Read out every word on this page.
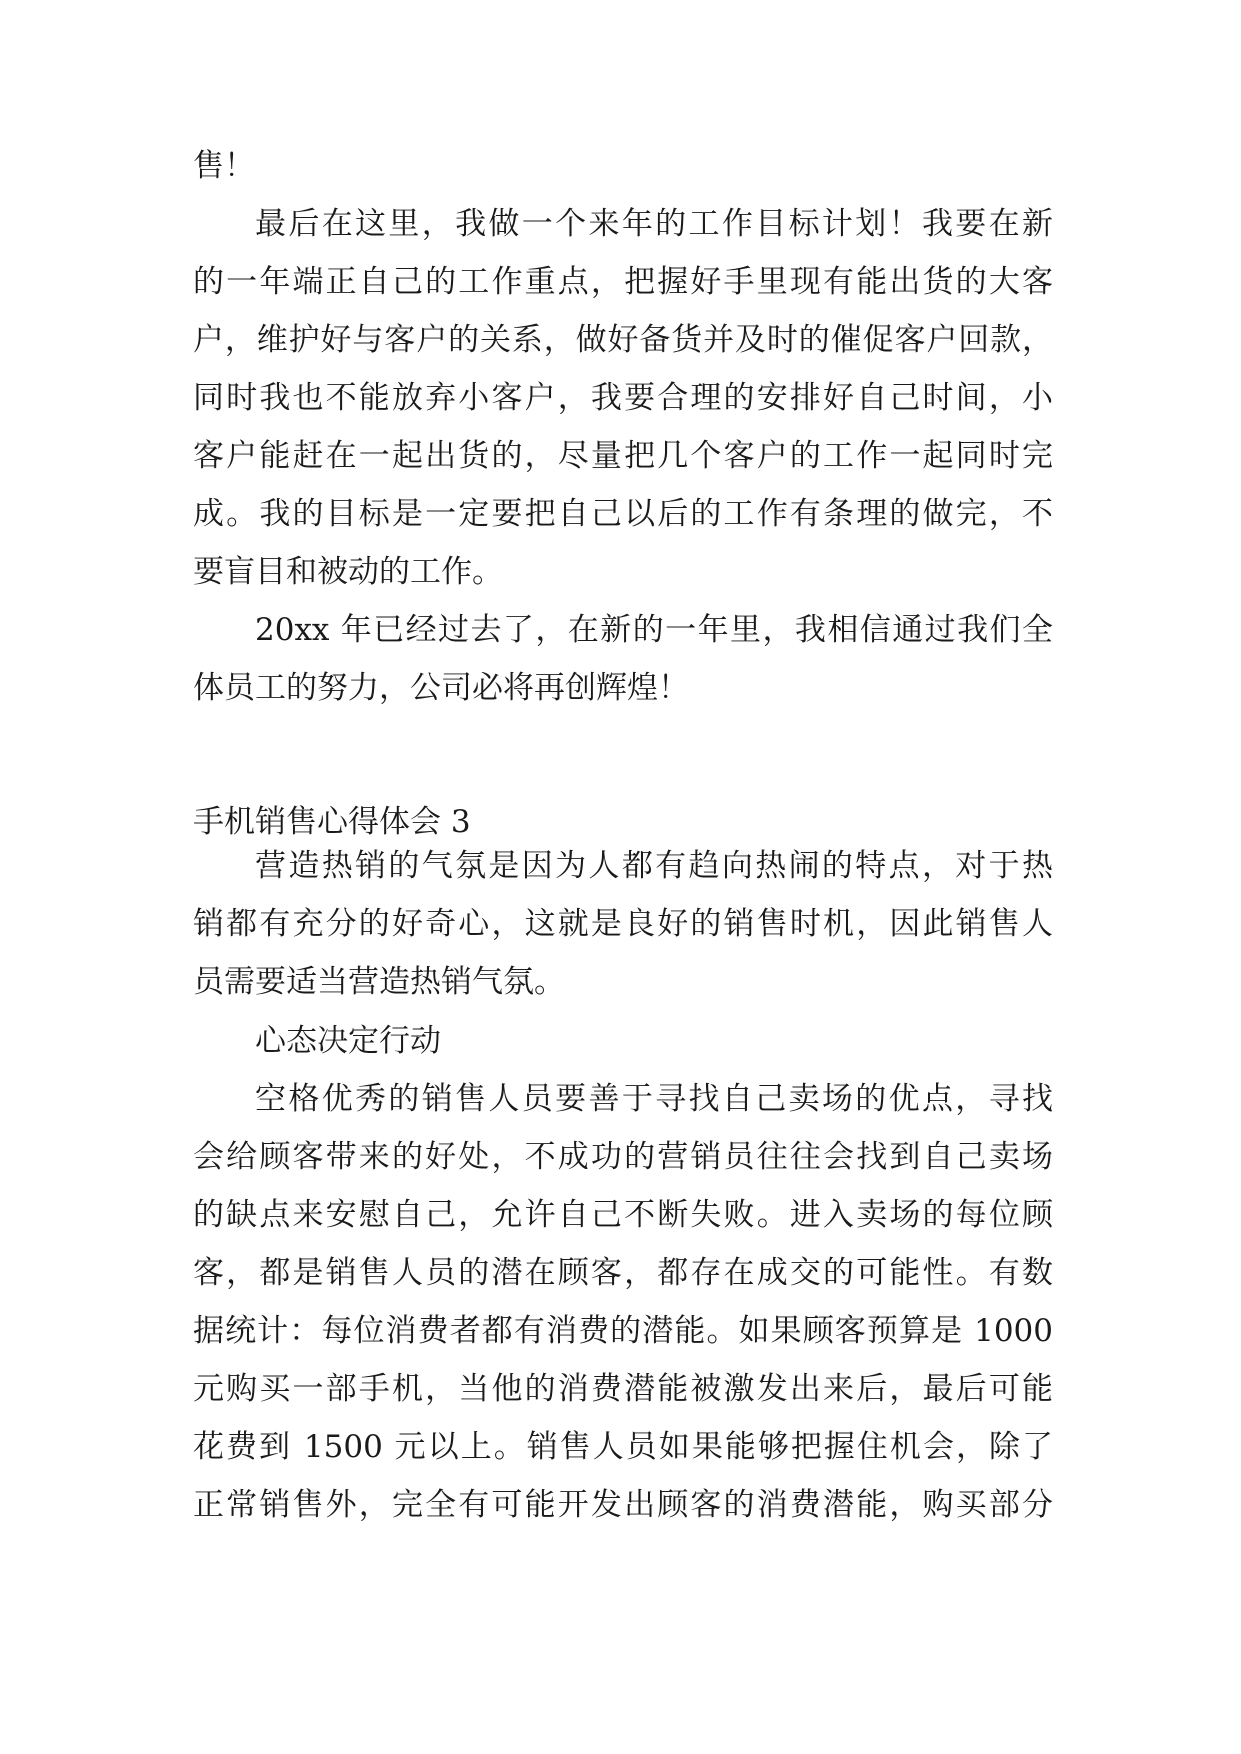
售！
最后在这里，我做一个来年的工作目标计划！我要在新
的一年端正自己的工作重点，把握好手里现有能出货的大客
户，维护好与客户的关系，做好备货并及时的催促客户回款，
同时我也不能放弃小客户，我要合理的安排好自己时间，小
客户能赶在一起出货的，尽量把几个客户的工作一起同时完
成。我的目标是一定要把自己以后的工作有条理的做完，不
要盲目和被动的工作。
20xx 年已经过去了，在新的一年里，我相信通过我们全
体员工的努力，公司必将再创辉煌！
手机销售心得体会 3
营造热销的气氛是因为人都有趋向热闹的特点，对于热
销都有充分的好奇心，这就是良好的销售时机，因此销售人
员需要适当营造热销气氛。
心态决定行动
空格优秀的销售人员要善于寻找自己卖场的优点，寻找
会给顾客带来的好处，不成功的营销员往往会找到自己卖场
的缺点来安慰自己，允许自己不断失败。进入卖场的每位顾
客，都是销售人员的潜在顾客，都存在成交的可能性。有数
据统计：每位消费者都有消费的潜能。如果顾客预算是 1000
元购买一部手机，当他的消费潜能被激发出来后，最后可能
花费到 1500 元以上。销售人员如果能够把握住机会，除了
正常销售外，完全有可能开发出顾客的消费潜能，购买部分
